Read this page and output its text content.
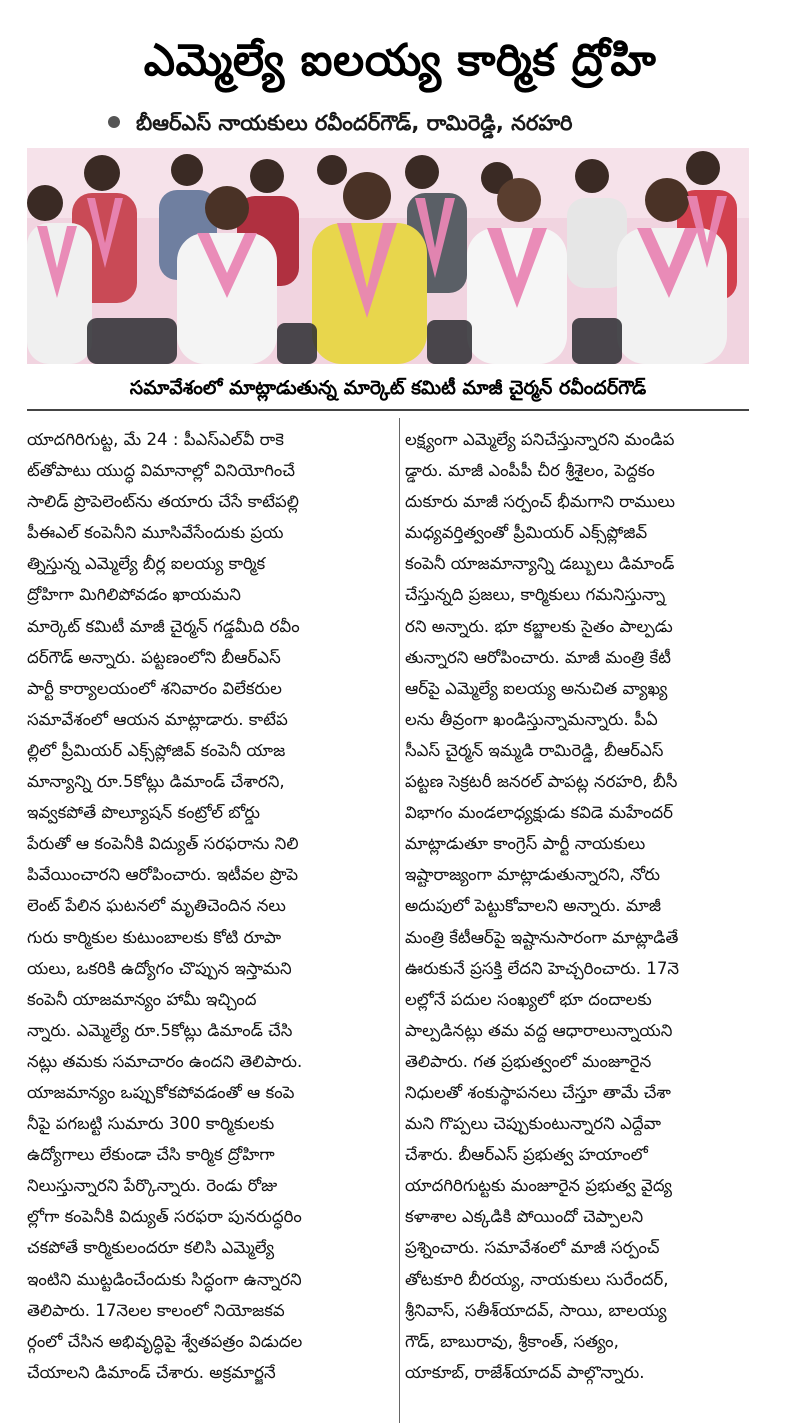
ఎమ్మెల్యే ఐలయ్య కార్మిక ద్రోహి
బీఆర్ఎస్ నాయకులు రవీందర్‌గౌడ్, రామిరెడ్డి, నరహరి
సమావేశంలో మాట్లాడుతున్న మార్కెట్ కమిటీ మాజీ చైర్మన్ రవీందర్‌గౌడ్
యాదగిరిగుట్ట, మే 24 : పీఎస్ఎల్‌వీ రాకె
ట్‌తోపాటు యుద్ధ విమానాల్లో వినియోగించే
సాలిడ్ ప్రొపెలెంట్‌ను తయారు చేసే కాటేపల్లి
పీఈఎల్ కంపెనీని మూసివేసేందుకు ప్రయ
త్నిస్తున్న ఎమ్మెల్యే బీర్ల ఐలయ్య కార్మిక
ద్రోహిగా మిగిలిపోవడం ఖాయమని
మార్కెట్ కమిటీ మాజీ చైర్మన్ గడ్డమీది రవీం
దర్‌గౌడ్ అన్నారు. పట్టణంలోని బీఆర్ఎస్
పార్టీ కార్యాలయంలో శనివారం విలేకరుల
సమావేశంలో ఆయన మాట్లాడారు. కాటేప
ల్లిలో ప్రీమియర్ ఎక్స్‌ప్లోజివ్ కంపెనీ యాజ
మాన్యాన్ని రూ.5కోట్లు డిమాండ్ చేశారని,
ఇవ్వకపోతే పొల్యూషన్ కంట్రోల్ బోర్డు
పేరుతో ఆ కంపెనీకి విద్యుత్ సరఫరాను నిలి
పివేయించారని ఆరోపించారు. ఇటీవల ప్రొపె
లెంట్ పేలిన ఘటనలో మృతిచెందిన నలు
గురు కార్మికుల కుటుంబాలకు కోటి రూపా
యలు, ఒకరికి ఉద్యోగం చొప్పున ఇస్తామని
కంపెనీ యాజమాన్యం హామీ ఇచ్చింద
న్నారు. ఎమ్మెల్యే రూ.5కోట్లు డిమాండ్ చేసి
నట్లు తమకు సమాచారం ఉందని తెలిపారు.
యాజమాన్యం ఒప్పుకోకపోవడంతో ఆ కంపె
నీపై పగబట్టి సుమారు 300 కార్మికులకు
ఉద్యోగాలు లేకుండా చేసి కార్మిక ద్రోహిగా
నిలుస్తున్నారని పేర్కొన్నారు. రెండు రోజు
ల్లోగా కంపెనీకి విద్యుత్ సరఫరా పునరుద్ధరిం
చకపోతే కార్మికులందరూ కలిసి ఎమ్మెల్యే
ఇంటిని ముట్టడించేందుకు సిద్ధంగా ఉన్నారని
తెలిపారు. 17నెలల కాలంలో నియోజకవ
ర్గంలో చేసిన అభివృద్ధిపై శ్వేతపత్రం విడుదల
చేయాలని డిమాండ్ చేశారు. అక్రమార్జనే
లక్ష్యంగా ఎమ్మెల్యే పనిచేస్తున్నారని మండిప
డ్డారు. మాజీ ఎంపీపీ చీర శ్రీశైలం, పెద్దకం
దుకూరు మాజీ సర్పంచ్ భీమగాని రాములు
మధ్యవర్తిత్వంతో ప్రీమియర్ ఎక్స్‌ప్లోజివ్
కంపెనీ యాజమాన్యాన్ని డబ్బులు డిమాండ్
చేస్తున్నది ప్రజలు, కార్మికులు గమనిస్తున్నా
రని అన్నారు. భూ కబ్జాలకు సైతం పాల్పడు
తున్నారని ఆరోపించారు. మాజీ మంత్రి కేటీ
ఆర్‌పై ఎమ్మెల్యే ఐలయ్య అనుచిత వ్యాఖ్య
లను తీవ్రంగా ఖండిస్తున్నామన్నారు. పీఏ
సీఎస్ చైర్మన్ ఇమ్మడి రామిరెడ్డి, బీఆర్ఎస్
పట్టణ సెక్రటరీ జనరల్ పాపట్ల నరహరి, బీసీ
విభాగం మండలాధ్యక్షుడు కవిడె మహేందర్
మాట్లాడుతూ కాంగ్రెస్ పార్టీ నాయకులు
ఇష్టారాజ్యంగా మాట్లాడుతున్నారని, నోరు
అదుపులో పెట్టుకోవాలని అన్నారు. మాజీ
మంత్రి కేటీఆర్‌పై ఇష్టానుసారంగా మాట్లాడితే
ఊరుకునే ప్రసక్తి లేదని హెచ్చరించారు. 17నె
లల్లోనే పదుల సంఖ్యలో భూ దందాలకు
పాల్పడినట్లు తమ వద్ద ఆధారాలున్నాయని
తెలిపారు. గత ప్రభుత్వంలో మంజూరైన
నిధులతో శంకుస్థాపనలు చేస్తూ తామే చేశా
మని గొప్పలు చెప్పుకుంటున్నారని ఎద్దేవా
చేశారు. బీఆర్ఎస్ ప్రభుత్వ హయాంలో
యాదగిరిగుట్టకు మంజూరైన ప్రభుత్వ వైద్య
కళాశాల ఎక్కడికి పోయిందో చెప్పాలని
ప్రశ్నించారు. సమావేశంలో మాజీ సర్పంచ్
తోటకూరి బీరయ్య, నాయకులు సురేందర్,
శ్రీనివాస్, సతీశ్‌యాదవ్, సాయి, బాలయ్య
గౌడ్, బాబురావు, శ్రీకాంత్, సత్యం,
యాకూబ్, రాజేశ్‌యాదవ్ పాల్గొన్నారు.
